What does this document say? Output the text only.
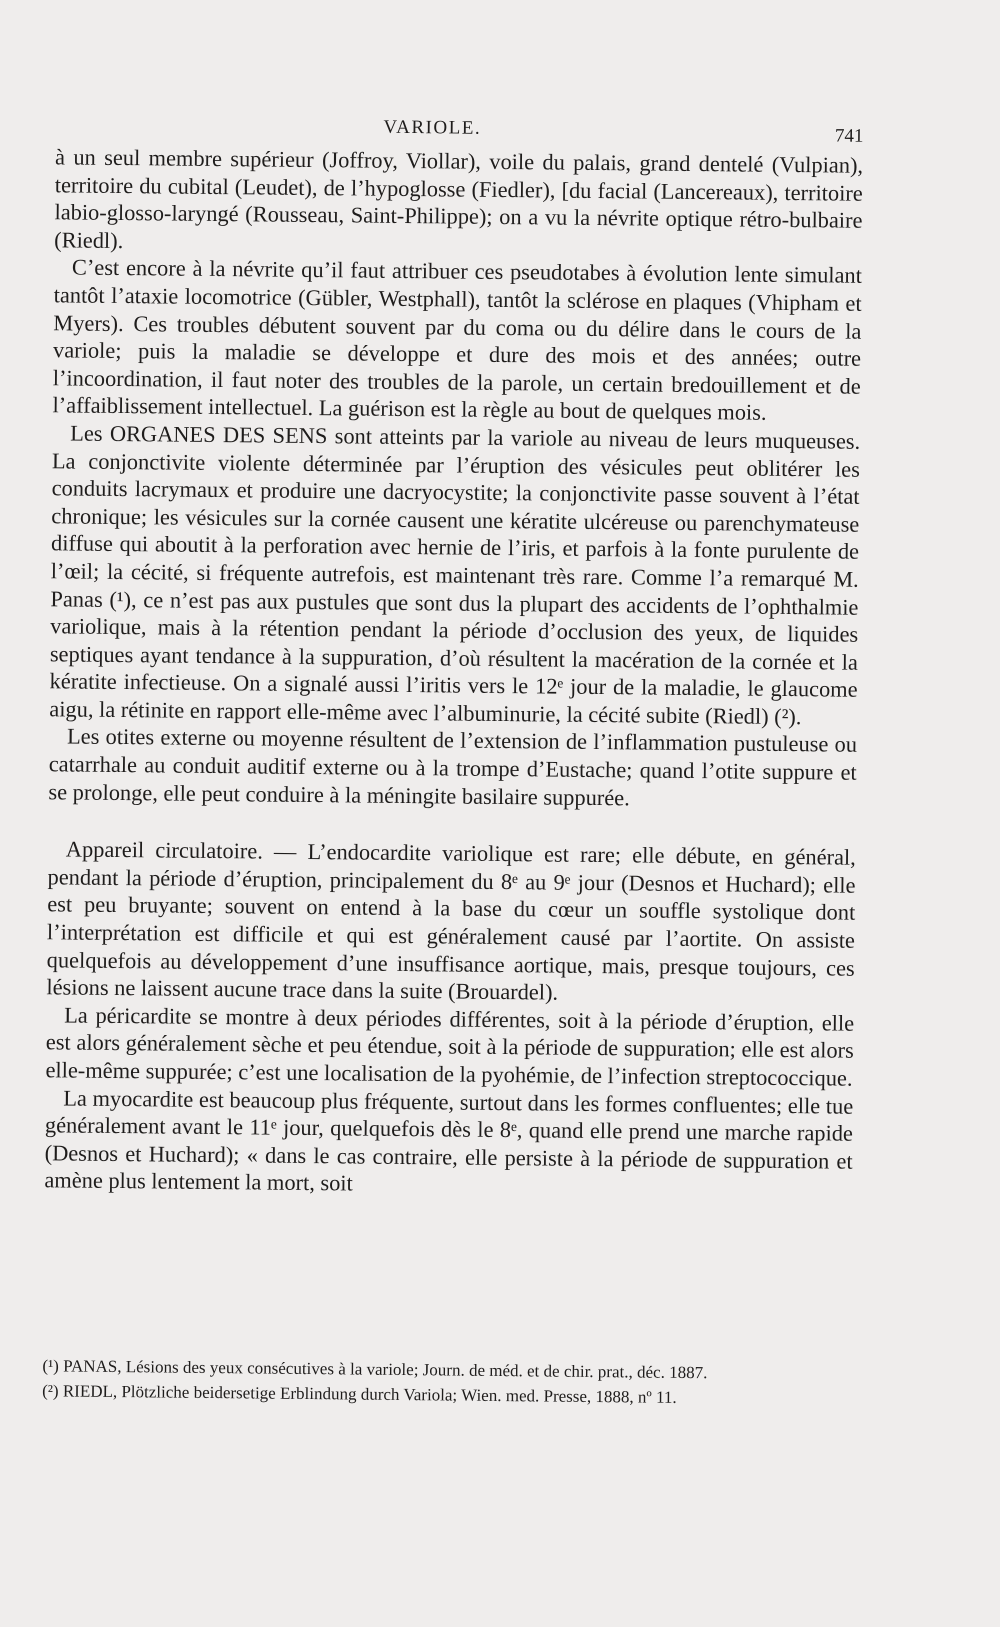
VARIOLE.	741

à un seul membre supérieur (Joffroy, Viollar), voile du palais, grand dentelé (Vulpian), territoire du cubital (Leudet), de l’hypoglosse (Fiedler), [du facial (Lancereaux), territoire labio-glosso-laryngé (Rousseau, Saint-Philippe); on a vu la névrite optique rétro-bulbaire (Riedl).

C’est encore à la névrite qu’il faut attribuer ces pseudotabes à évolution lente simulant tantôt l’ataxie locomotrice (Gübler, Westphall), tantôt la sclérose en plaques (Vhipham et Myers). Ces troubles débutent souvent par du coma ou du délire dans le cours de la variole; puis la maladie se développe et dure des mois et des années; outre l’incoordination, il faut noter des troubles de la parole, un certain bredouillement et de l’affaiblissement intellectuel. La guérison est la règle au bout de quelques mois.

Les ORGANES DES SENS sont atteints par la variole au niveau de leurs muqueuses. La conjonctivite violente déterminée par l’éruption des vésicules peut oblitérer les conduits lacrymaux et produire une dacryocystite; la conjonctivite passe souvent à l’état chronique; les vésicules sur la cornée causent une kératite ulcéreuse ou parenchymateuse diffuse qui aboutit à la perforation avec hernie de l’iris, et parfois à la fonte purulente de l’œil; la cécité, si fréquente autrefois, est maintenant très rare. Comme l’a remarqué M. Panas (¹), ce n’est pas aux pustules que sont dus la plupart des accidents de l’ophthalmie variolique, mais à la rétention pendant la période d’occlusion des yeux, de liquides septiques ayant tendance à la suppuration, d’où résultent la macération de la cornée et la kératite infectieuse. On a signalé aussi l’iritis vers le 12ᵉ jour de la maladie, le glaucome aigu, la rétinite en rapport elle-même avec l’albuminurie, la cécité subite (Riedl) (²).

Les otites externe ou moyenne résultent de l’extension de l’inflammation pustuleuse ou catarrhale au conduit auditif externe ou à la trompe d’Eustache; quand l’otite suppure et se prolonge, elle peut conduire à la méningite basilaire suppurée.

Appareil circulatoire. — L’endocardite variolique est rare; elle débute, en général, pendant la période d’éruption, principalement du 8ᵉ au 9ᵉ jour (Desnos et Huchard); elle est peu bruyante; souvent on entend à la base du cœur un souffle systolique dont l’interprétation est difficile et qui est généralement causé par l’aortite. On assiste quelquefois au développement d’une insuffisance aortique, mais, presque toujours, ces lésions ne laissent aucune trace dans la suite (Brouardel).

La péricardite se montre à deux périodes différentes, soit à la période d’éruption, elle est alors généralement sèche et peu étendue, soit à la période de suppuration; elle est alors elle-même suppurée; c’est une localisation de la pyohémie, de l’infection streptococcique.

La myocardite est beaucoup plus fréquente, surtout dans les formes confluentes; elle tue généralement avant le 11ᵉ jour, quelquefois dès le 8ᵉ, quand elle prend une marche rapide (Desnos et Huchard); « dans le cas contraire, elle persiste à la période de suppuration et amène plus lentement la mort, soit

(¹) PANAS, Lésions des yeux consécutives à la variole; Journ. de méd. et de chir. prat., déc. 1887.

(²) RIEDL, Plötzliche beidersetige Erblindung durch Variola; Wien. med. Presse, 1888, nº 11.
